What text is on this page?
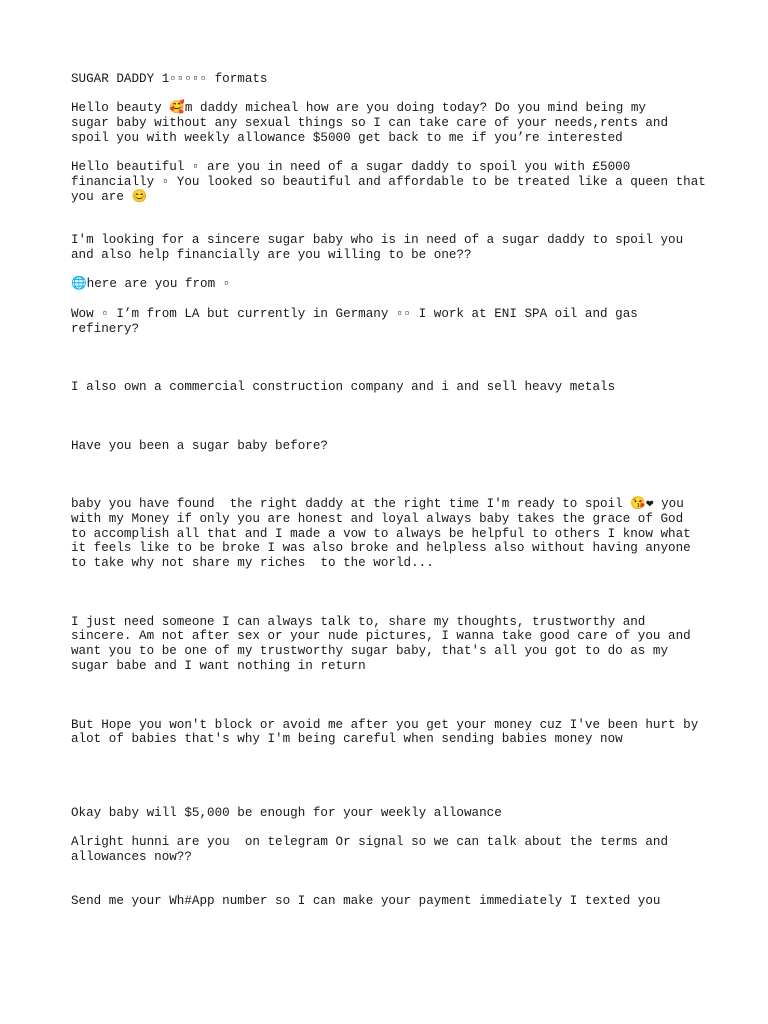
SUGAR DADDY 1▫▫▫▫▫ formats
Hello beauty 🥰m daddy micheal how are you doing today? Do you mind being my
sugar baby without any sexual things so I can take care of your needs,rents and
spoil you with weekly allowance $5000 get back to me if you’re interested
Hello beautiful ▫ are you in need of a sugar daddy to spoil you with £5000
financially ▫ You looked so beautiful and affordable to be treated like a queen that
you are 😊
I'm looking for a sincere sugar baby who is in need of a sugar daddy to spoil you
and also help financially are you willing to be one??
🌐here are you from ▫
Wow ▫ I’m from LA but currently in Germany ▫▫ I work at ENI SPA oil and gas
refinery?
I also own a commercial construction company and i and sell heavy metals
Have you been a sugar baby before?
baby you have found  the right daddy at the right time I'm ready to spoil 😘❤ you
with my Money if only you are honest and loyal always baby takes the grace of God
to accomplish all that and I made a vow to always be helpful to others I know what
it feels like to be broke I was also broke and helpless also without having anyone
to take why not share my riches  to the world...
I just need someone I can always talk to, share my thoughts, trustworthy and
sincere. Am not after sex or your nude pictures, I wanna take good care of you and
want you to be one of my trustworthy sugar baby, that's all you got to do as my
sugar babe and I want nothing in return
But Hope you won't block or avoid me after you get your money cuz I've been hurt by
alot of babies that's why I'm being careful when sending babies money now
Okay baby will $5,000 be enough for your weekly allowance
Alright hunni are you  on telegram Or signal so we can talk about the terms and
allowances now??
Send me your Wh#App number so I can make your payment immediately I texted you
